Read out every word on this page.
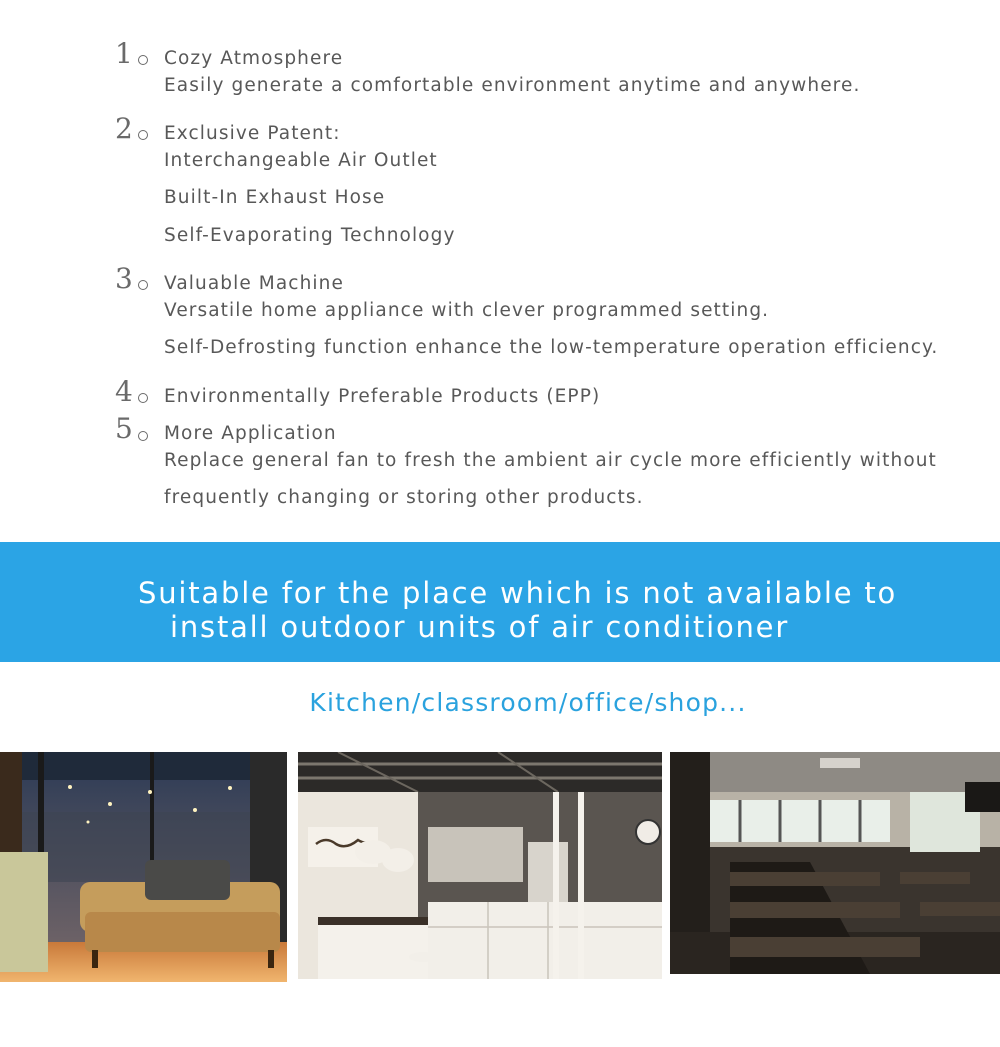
1 Cozy Atmosphere
Easily generate a comfortable environment anytime and anywhere.
2 Exclusive Patent:
Interchangeable Air Outlet
Built-In Exhaust Hose
Self-Evaporating Technology
3 Valuable Machine
Versatile home appliance with clever programmed setting.
Self-Defrosting function enhance the low-temperature operation efficiency.
4 Environmentally Preferable Products (EPP)
5 More Application
Replace general fan to fresh the ambient air cycle more efficiently without
frequently changing or storing other products.
Suitable for the place which is not available to
install outdoor units of air conditioner
Kitchen/classroom/office/shop...
